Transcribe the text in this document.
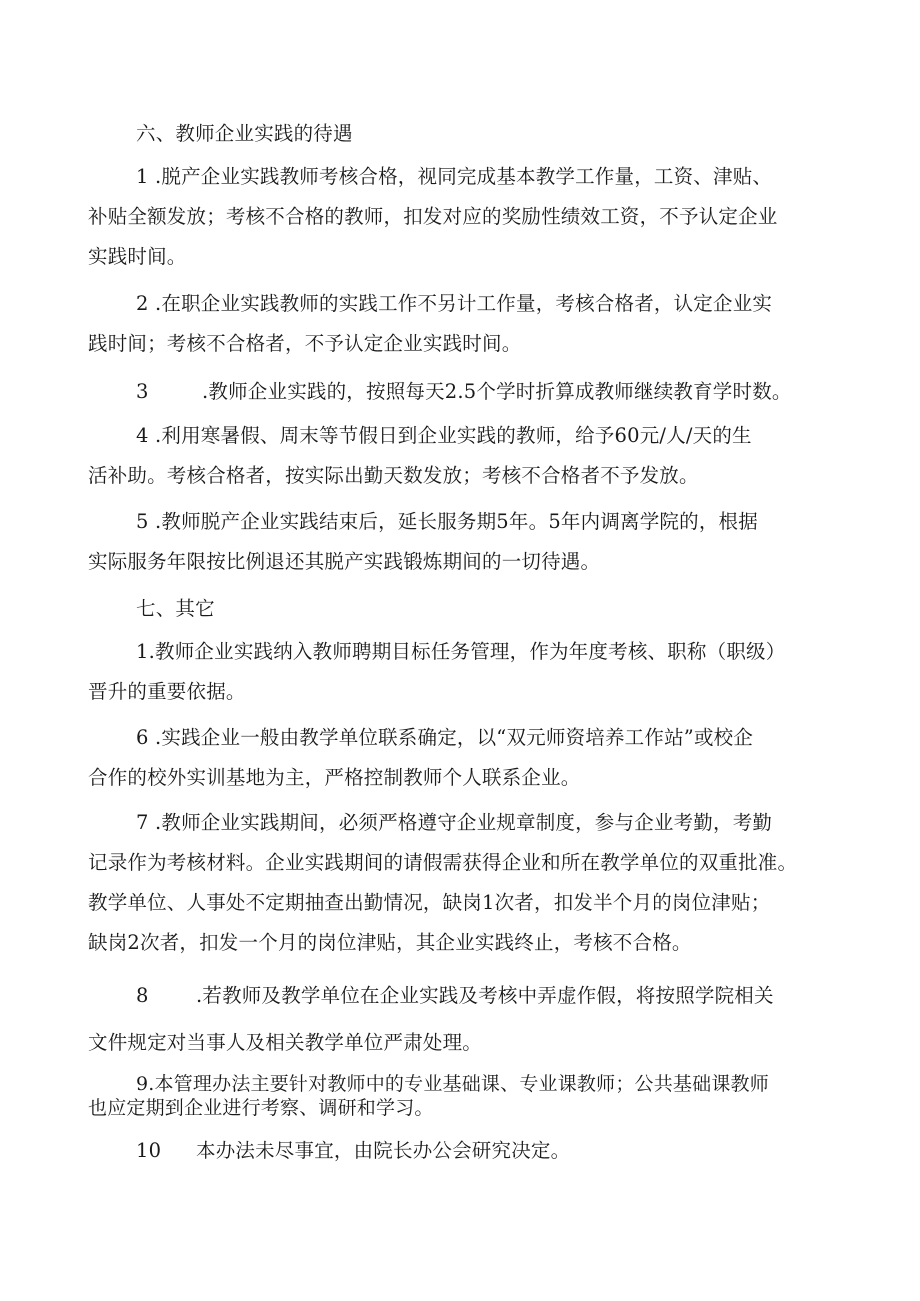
六、教师企业实践的待遇
1 .脱产企业实践教师考核合格，视同完成基本教学工作量，工资、津贴、
补贴全额发放；考核不合格的教师，扣发对应的奖励性绩效工资，不予认定企业
实践时间。
2 .在职企业实践教师的实践工作不另计工作量，考核合格者，认定企业实
践时间；考核不合格者，不予认定企业实践时间。
3	.教师企业实践的，按照每天2.5个学时折算成教师继续教育学时数。
4 .利用寒暑假、周末等节假日到企业实践的教师，给予60元/人/天的生
活补助。考核合格者，按实际出勤天数发放；考核不合格者不予发放。
5 .教师脱产企业实践结束后，延长服务期5年。5年内调离学院的，根据
实际服务年限按比例退还其脱产实践锻炼期间的一切待遇。
七、其它
1.教师企业实践纳入教师聘期目标任务管理，作为年度考核、职称（职级）
晋升的重要依据。
6 .实践企业一般由教学单位联系确定，以“双元师资培养工作站”或校企
合作的校外实训基地为主，严格控制教师个人联系企业。
7 .教师企业实践期间，必须严格遵守企业规章制度，参与企业考勤，考勤
记录作为考核材料。企业实践期间的请假需获得企业和所在教学单位的双重批准。
教学单位、人事处不定期抽查出勤情况，缺岗1次者，扣发半个月的岗位津贴；
缺岗2次者，扣发一个月的岗位津贴，其企业实践终止，考核不合格。
8 .若教师及教学单位在企业实践及考核中弄虚作假，将按照学院相关
文件规定对当事人及相关教学单位严肃处理。
9.本管理办法主要针对教师中的专业基础课、专业课教师；公共基础课教师
也应定期到企业进行考察、调研和学习。
10 本办法未尽事宜，由院长办公会研究决定。
